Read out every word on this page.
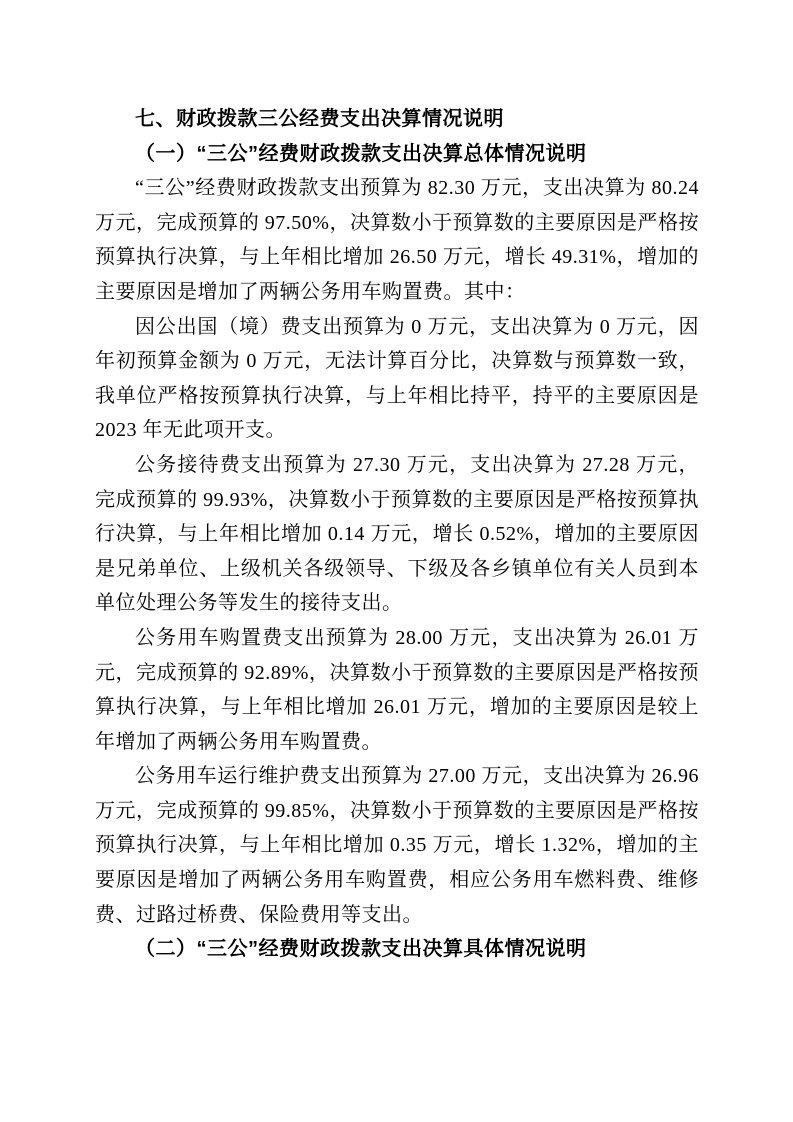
七、财政拨款三公经费支出决算情况说明
（一）“三公”经费财政拨款支出决算总体情况说明

“三公”经费财政拨款支出预算为 82.30 万元，支出决算为 80.24 万元，完成预算的 97.50%，决算数小于预算数的主要原因是严格按预算执行决算，与上年相比增加 26.50 万元，增长 49.31%，增加的主要原因是增加了两辆公务用车购置费。其中：

因公出国（境）费支出预算为 0 万元，支出决算为 0 万元，因年初预算金额为 0 万元，无法计算百分比，决算数与预算数一致，我单位严格按预算执行决算，与上年相比持平，持平的主要原因是 2023 年无此项开支。

公务接待费支出预算为 27.30 万元，支出决算为 27.28 万元，完成预算的 99.93%，决算数小于预算数的主要原因是严格按预算执行决算，与上年相比增加 0.14 万元，增长 0.52%，增加的主要原因是兄弟单位、上级机关各级领导、下级及各乡镇单位有关人员到本单位处理公务等发生的接待支出。

公务用车购置费支出预算为 28.00 万元，支出决算为 26.01 万元，完成预算的 92.89%，决算数小于预算数的主要原因是严格按预算执行决算，与上年相比增加 26.01 万元，增加的主要原因是较上年增加了两辆公务用车购置费。

公务用车运行维护费支出预算为 27.00 万元，支出决算为 26.96 万元，完成预算的 99.85%，决算数小于预算数的主要原因是严格按预算执行决算，与上年相比增加 0.35 万元，增长 1.32%，增加的主要原因是增加了两辆公务用车购置费，相应公务用车燃料费、维修费、过路过桥费、保险费用等支出。

（二）“三公”经费财政拨款支出决算具体情况说明
